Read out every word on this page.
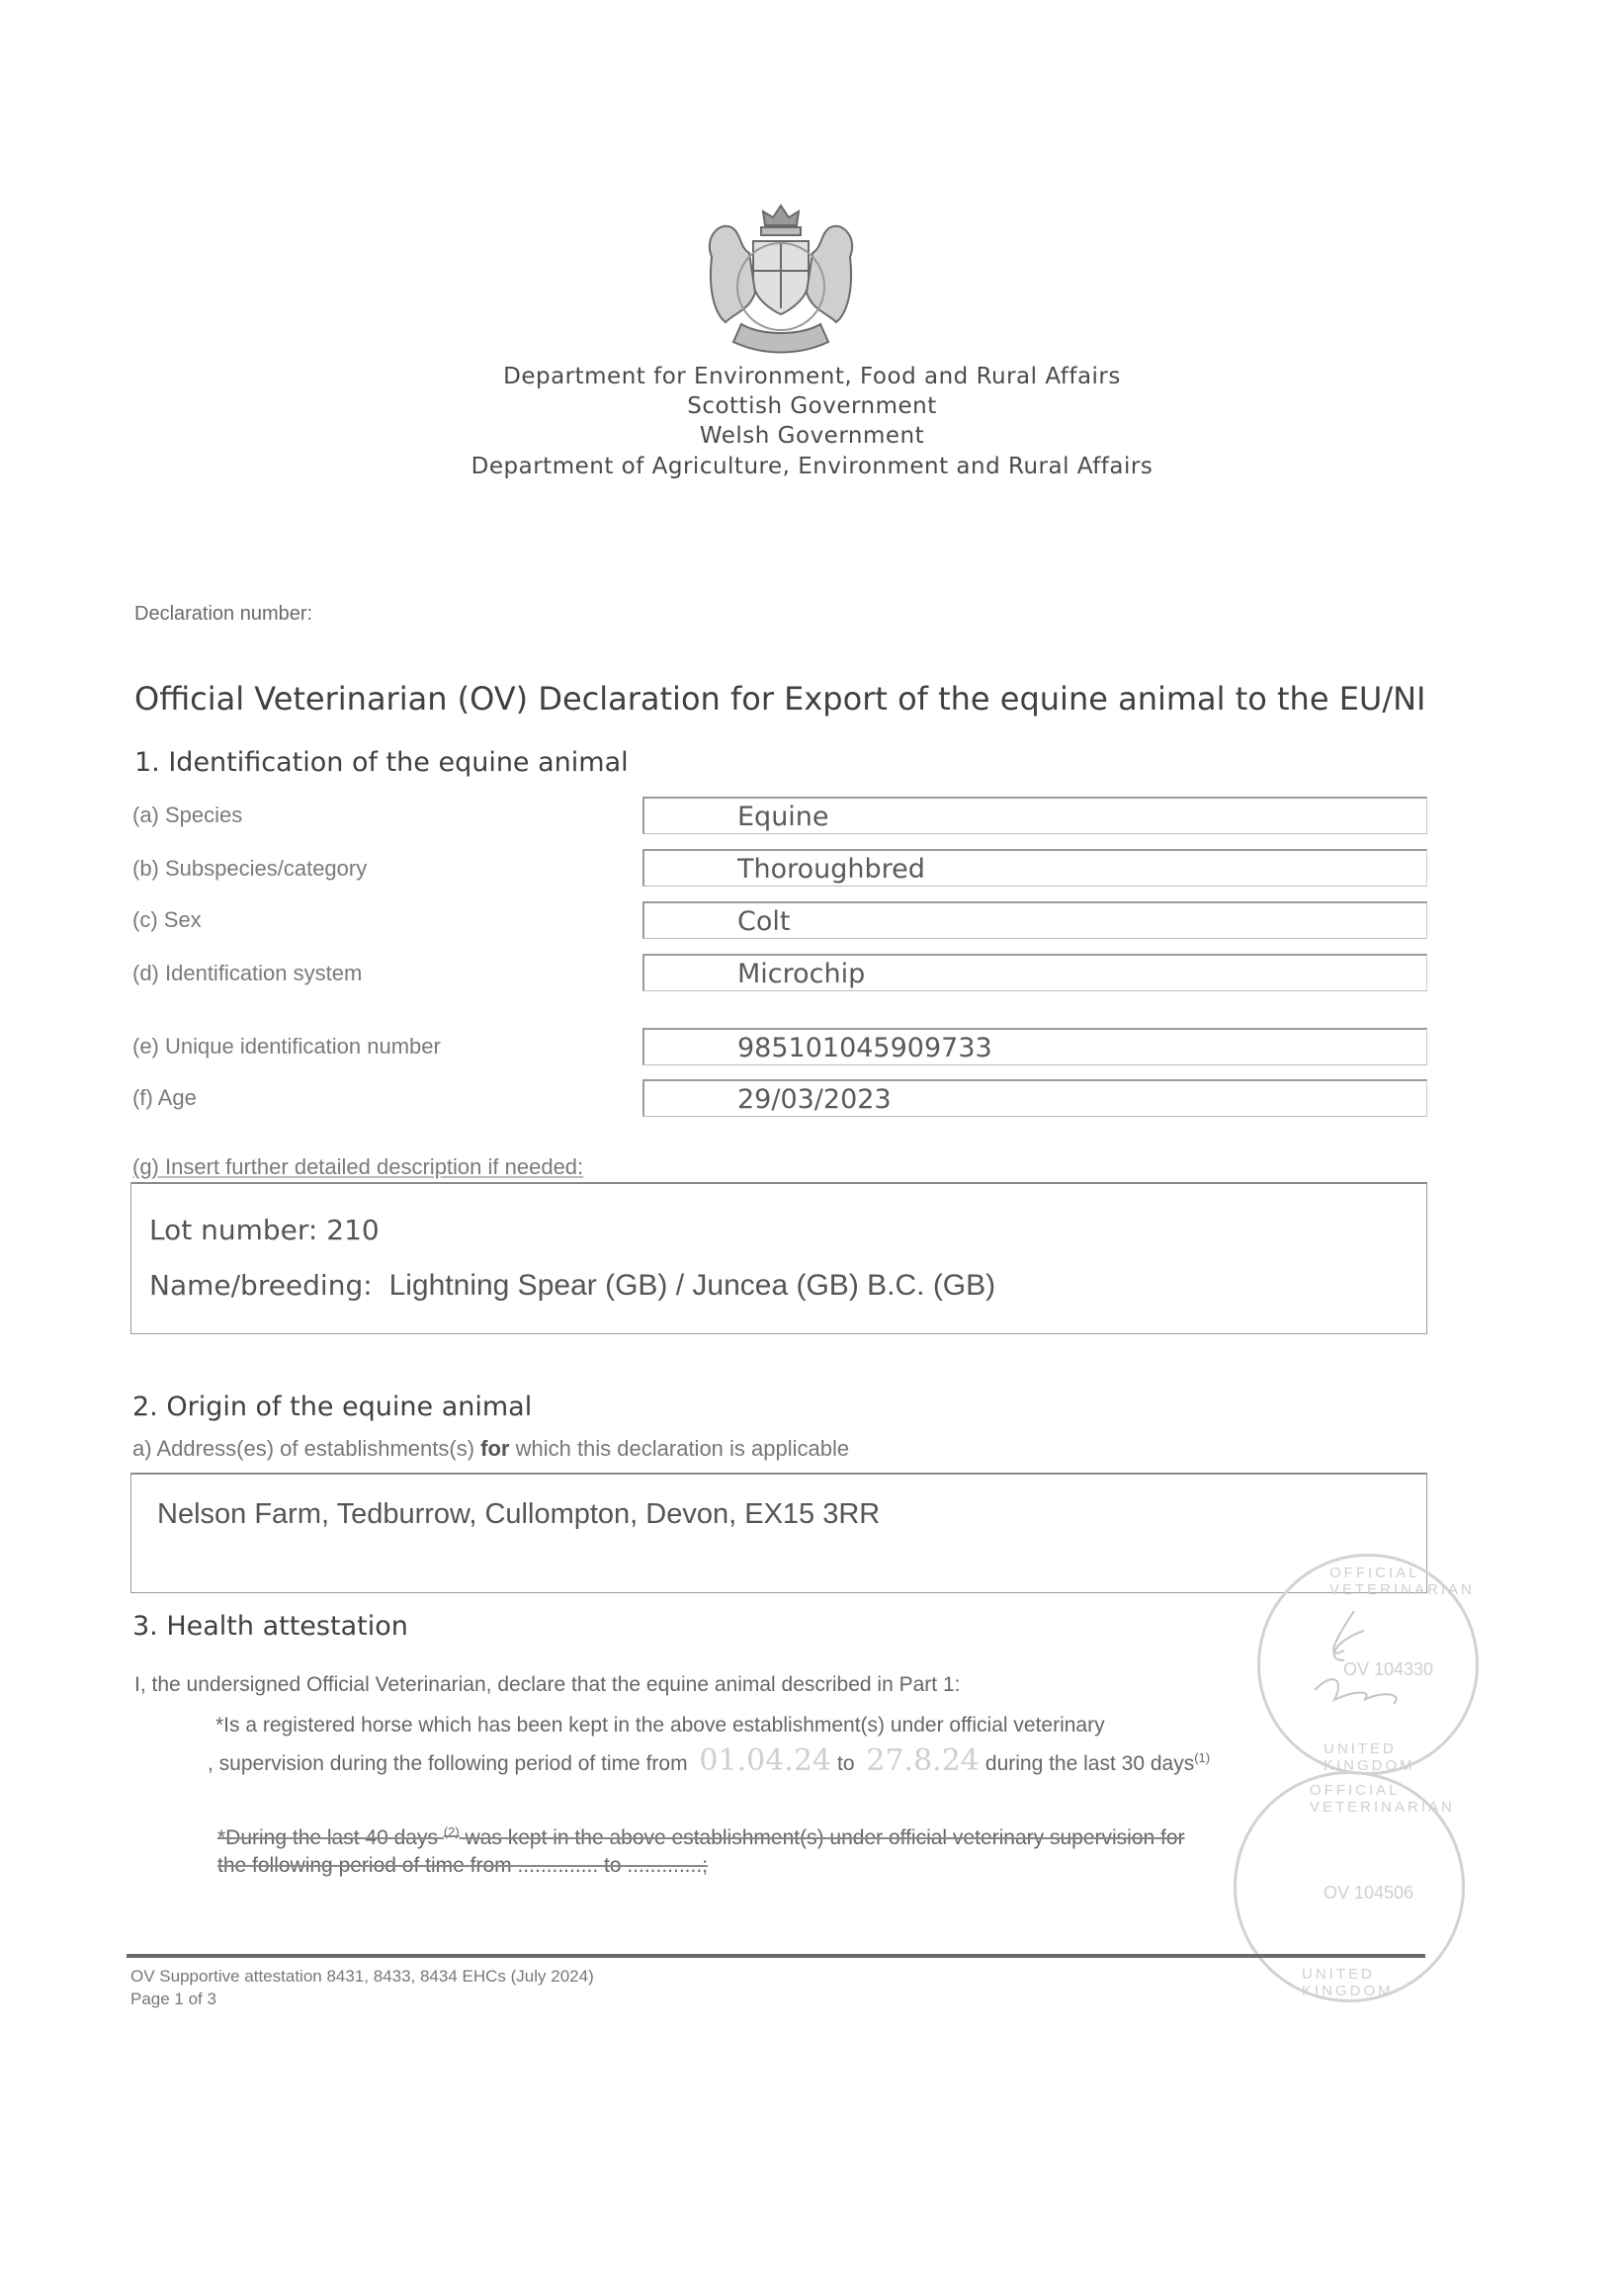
Department for Environment, Food and Rural Affairs
Scottish Government
Welsh Government
Department of Agriculture, Environment and Rural Affairs
Declaration number:
Official Veterinarian (OV) Declaration for Export of the equine animal to the EU/NI
1. Identification of the equine animal
(a) Species	Equine
(b) Subspecies/category	Thoroughbred
(c) Sex	Colt
(d) Identification system	Microchip
(e) Unique identification number	985101045909733
(f) Age	29/03/2023
(g) Insert further detailed description if needed:
Lot number: 210
Name/breeding: Lightning Spear (GB) / Juncea (GB) B.C. (GB)
2. Origin of the equine animal
a) Address(es) of establishments(s) for which this declaration is applicable
Nelson Farm, Tedburrow, Cullompton, Devon, EX15 3RR
3. Health attestation
I, the undersigned Official Veterinarian, declare that the equine animal described in Part 1:
*Is a registered horse which has been kept in the above establishment(s) under official veterinary
, supervision during the following period of time from 01.04.24 to 27.8.24 during the last 30 days$^{(1)}$
*During the last 40 days $^{(2)}$ was kept in the above establishment(s) under official veterinary supervision for
the following period of time from .............. to .............;
OFFICIAL VETERINARIAN
OV 104330
UNITED KINGDOM
OFFICIAL VETERINARIAN
OV 104506
UNITED KINGDOM
OV Supportive attestation 8431, 8433, 8434 EHCs (July 2024)
Page 1 of 3
